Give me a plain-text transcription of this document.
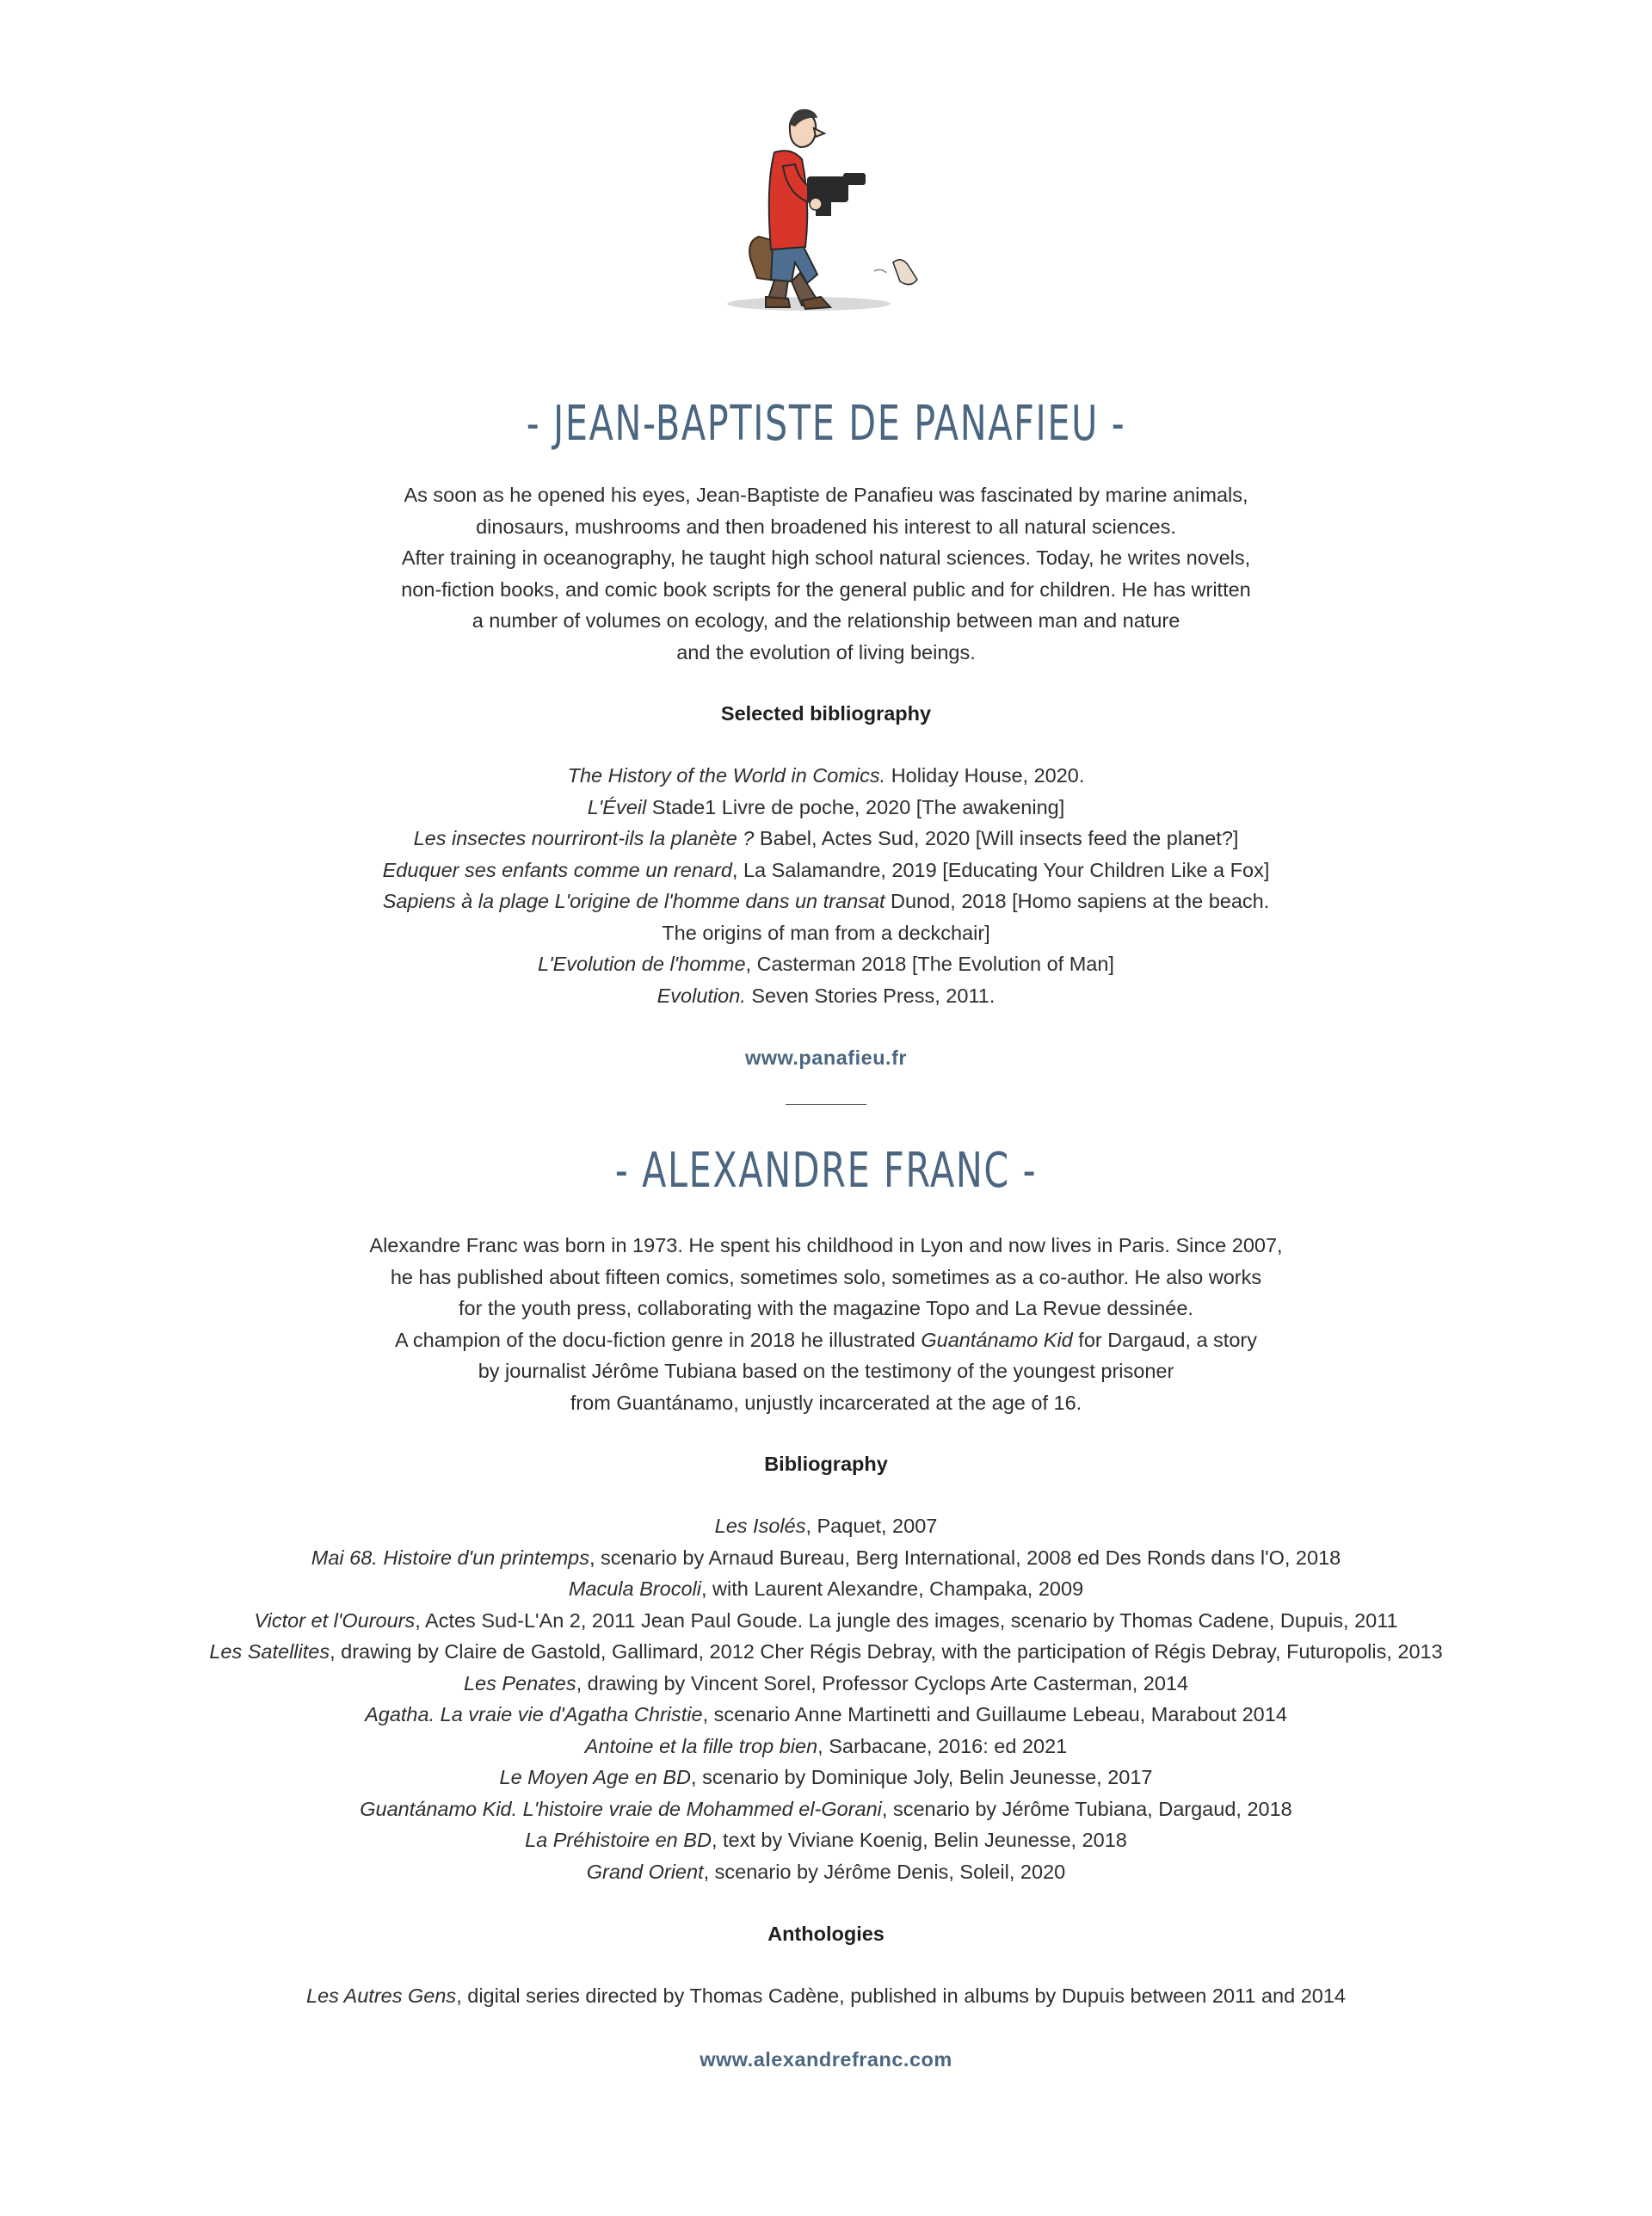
- JEAN-BAPTISTE DE PANAFIEU -
As soon as he opened his eyes, Jean-Baptiste de Panafieu was fascinated by marine animals,
dinosaurs, mushrooms and then broadened his interest to all natural sciences.
After training in oceanography, he taught high school natural sciences. Today, he writes novels,
non-fiction books, and comic book scripts for the general public and for children. He has written
a number of volumes on ecology, and the relationship between man and nature
and the evolution of living beings.
Selected bibliography
The History of the World in Comics. Holiday House, 2020.
L'Éveil Stade1 Livre de poche, 2020 [The awakening]
Les insectes nourriront-ils la planète ? Babel, Actes Sud, 2020 [Will insects feed the planet?]
Eduquer ses enfants comme un renard, La Salamandre, 2019 [Educating Your Children Like a Fox]
Sapiens à la plage L'origine de l'homme dans un transat Dunod, 2018 [Homo sapiens at the beach.
The origins of man from a deckchair]
L'Evolution de l'homme, Casterman 2018 [The Evolution of Man]
Evolution. Seven Stories Press, 2011.
www.panafieu.fr
- ALEXANDRE FRANC -
Alexandre Franc was born in 1973. He spent his childhood in Lyon and now lives in Paris. Since 2007,
he has published about fifteen comics, sometimes solo, sometimes as a co-author. He also works
for the youth press, collaborating with the magazine Topo and La Revue dessinée.
A champion of the docu-fiction genre in 2018 he illustrated Guantánamo Kid for Dargaud, a story
by journalist Jérôme Tubiana based on the testimony of the youngest prisoner
from Guantánamo, unjustly incarcerated at the age of 16.
Bibliography
Les Isolés, Paquet, 2007
Mai 68. Histoire d'un printemps, scenario by Arnaud Bureau, Berg International, 2008 ed Des Ronds dans l'O, 2018
Macula Brocoli, with Laurent Alexandre, Champaka, 2009
Victor et l'Ourours, Actes Sud-L'An 2, 2011 Jean Paul Goude. La jungle des images, scenario by Thomas Cadene, Dupuis, 2011
Les Satellites, drawing by Claire de Gastold, Gallimard, 2012 Cher Régis Debray, with the participation of Régis Debray, Futuropolis, 2013
Les Penates, drawing by Vincent Sorel, Professor Cyclops Arte Casterman, 2014
Agatha. La vraie vie d'Agatha Christie, scenario Anne Martinetti and Guillaume Lebeau, Marabout 2014
Antoine et la fille trop bien, Sarbacane, 2016: ed 2021
Le Moyen Age en BD, scenario by Dominique Joly, Belin Jeunesse, 2017
Guantánamo Kid. L'histoire vraie de Mohammed el-Gorani, scenario by Jérôme Tubiana, Dargaud, 2018
La Préhistoire en BD, text by Viviane Koenig, Belin Jeunesse, 2018
Grand Orient, scenario by Jérôme Denis, Soleil, 2020
Anthologies
Les Autres Gens, digital series directed by Thomas Cadène, published in albums by Dupuis between 2011 and 2014
www.alexandrefranc.com
